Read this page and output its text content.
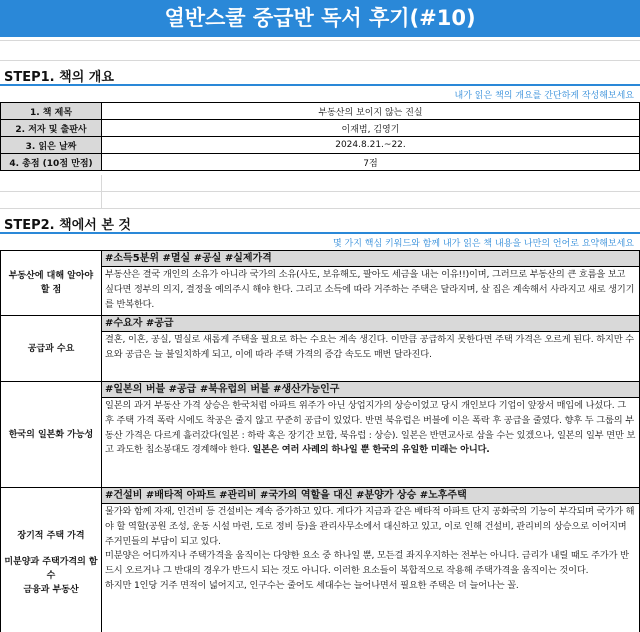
열반스쿨 중급반 독서 후기(#10)
STEP1. 책의 개요
내가 읽은 책의 개요를 간단하게 작성해보세요
1. 책 제목	부동산의 보이지 않는 진실
2. 저자 및 출판사	이재범, 김영기
3. 읽은 날짜	2024.8.21.~22.
4. 총점 (10점 만점)	7점
STEP2. 책에서 본 것
몇 가지 핵심 키워드와 함께 내가 읽은 책 내용을 나만의 언어로 요약해보세요
부동산에 대해 알아야 할 점
#소득5분위 #멸실 #공실 #실제가격
부동산은 결국 개인의 소유가 아니라 국가의 소유(사도, 보유해도, 팔아도 세금을 내는 이유!!)이며, 그러므로 부동산의 큰 흐름을 보고 싶다면 정부의 의지, 결정을 예의주시 해야 한다. 그리고 소득에 따라 거주하는 주택은 달라지며, 살 집은 계속해서 사라지고 새로 생기기를 반복한다.
공급과 수요
#수요자 #공급
결혼, 이혼, 공실, 멸실로 새롭게 주택을 필요로 하는 수요는 계속 생긴다. 이만큼 공급하지 못한다면 주택 가격은 오르게 된다. 하지만 수요와 공급은 늘 불일치하게 되고, 이에 따라 주택 가격의 증감 속도도 매번 달라진다.
한국의 일본화 가능성
#일본의 버블 #공급 #북유럽의 버블 #생산가능인구
일본의 과거 부동산 가격 상승은 한국처럼 아파트 위주가 아닌 상업지가의 상승이었고 당시 개인보다 기업이 앞장서 매입에 나섰다. 그 후 주택 가격 폭락 시에도 착공은 줄지 않고 꾸준히 공급이 있었다. 반면 북유럽은 버블에 이은 폭락 후 공급을 줄였다. 향후 두 그룹의 부동산 가격은 다르게 흘러갔다(일본 : 하락 혹은 장기간 보합, 북유럽 : 상승). 일본은 반면교사로 삼을 수는 있겠으나, 일본의 일부 면만 보고 과도한 침소봉대도 경계해야 한다. 일본은 여러 사례의 하나일 뿐 한국의 유일한 미래는 아니다.
장기적 주택 가격
미분양과 주택가격의 함수
금융과 부동산
#건설비 #배타적 아파트 #관리비 #국가의 역할을 대신 #분양가 상승 #노후주택

물가와 함께 자재, 인건비 등 건설비는 계속 증가하고 있다. 게다가 지금과 같은 배타적 아파트 단지 공화국의 기능이 부각되며 국가가 해야 할 역할(공원 조성, 운동 시설 마련, 도로 정비 등)을 관리사무소에서 대신하고 있고, 이로 인해 건설비, 관리비의 상승으로 이어지며 주거민들의 부담이 되고 있다.

미분양은 어디까지나 주택가격을 움직이는 다양한 요소 중 하나일 뿐, 모든걸 좌지우지하는 전부는 아니다. 금리가 내릴 때도 주가가 반드시 오르거나 그 반대의 경우가 반드시 되는 것도 아니다. 이러한 요소들이 복합적으로 작용해 주택가격을 움직이는 것이다.

하지만 1인당 거주 면적이 넓어지고, 인구수는 줄어도 세대수는 늘어나면서 필요한 주택은 더 늘어나는 꼴.
